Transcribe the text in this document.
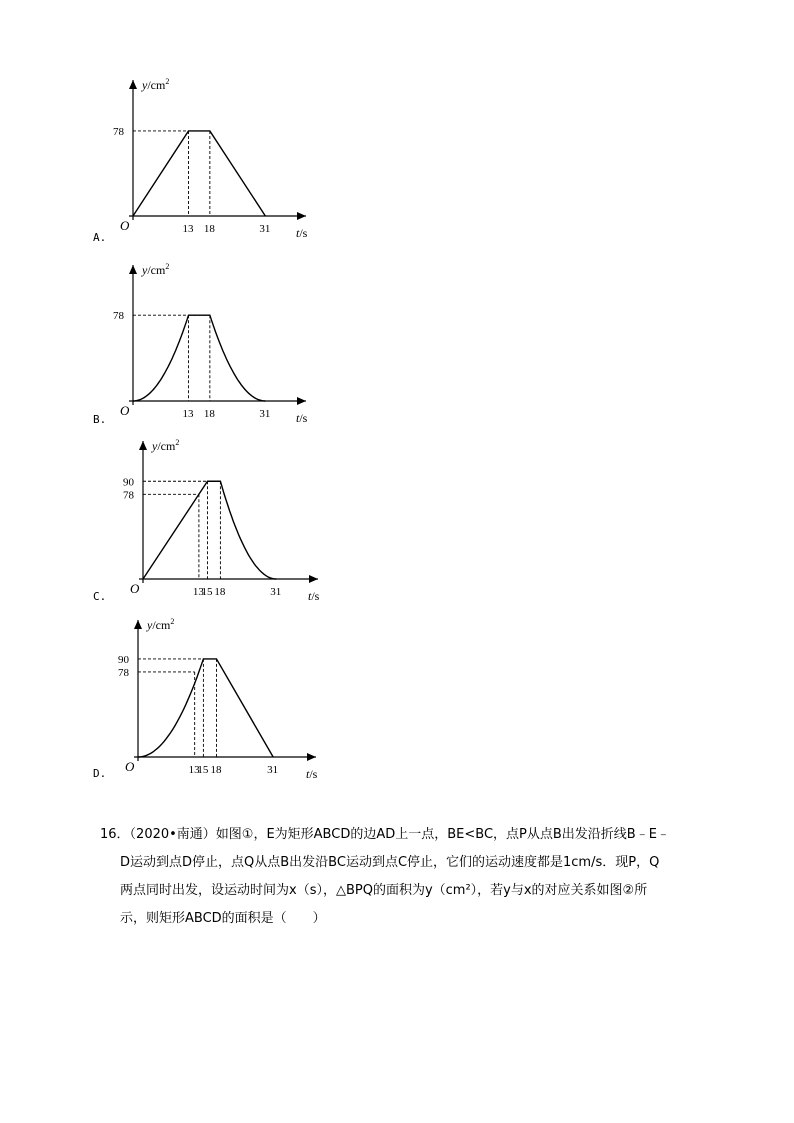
$y/cm^2$
t/s
O
78
13 18	31
$y/cm^2$
t/s
O
78
13 18	31
$y/cm^2$
t/s
O
90
78
13
15 18	31
$y/cm^2$
t/s
O
90
78
13
15 18	31
A.
B.
C.
D.
16．（2020•南通）如图①，E为矩形ABCD的边AD上一点，BE<BC，点P从点B出发沿折线B﹣E﹣
D运动到点D停止，点Q从点B出发沿BC运动到点C停止，它们的运动速度都是1cm/s．现P，Q
两点同时出发，设运动时间为x（s），△BPQ的面积为y（cm²），若y与x的对应关系如图②所
示，则矩形ABCD的面积是（　　）
